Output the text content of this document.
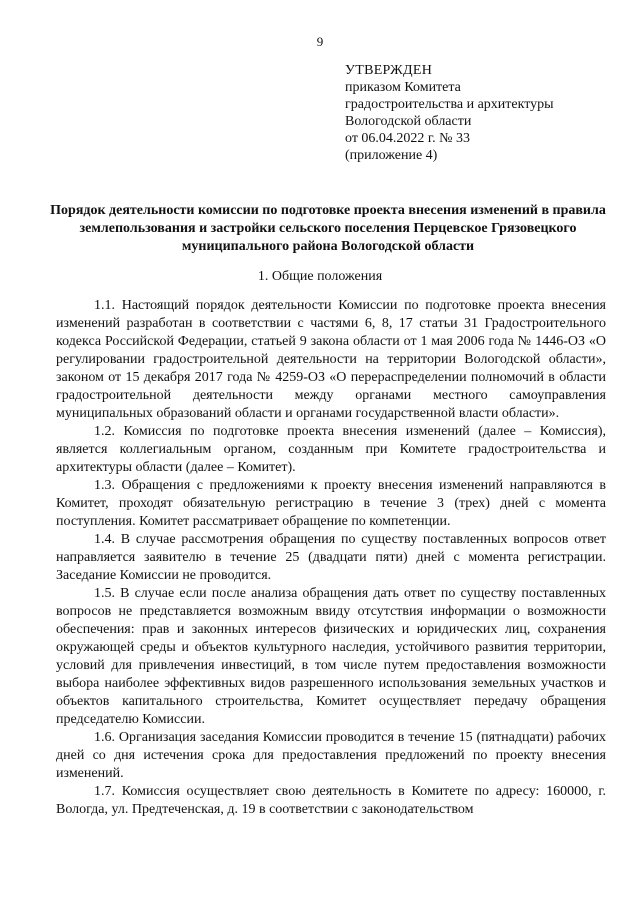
9
УТВЕРЖДЕН
приказом Комитета
градостроительства и архитектуры
Вологодской области
от 06.04.2022 г. № 33
(приложение 4)
Порядок деятельности комиссии по подготовке проекта внесения изменений в правила землепользования и застройки сельского поселения Перцевское Грязовецкого муниципального района Вологодской области
1. Общие положения

1.1. Настоящий порядок деятельности Комиссии по подготовке проекта внесения изменений разработан в соответствии с частями 6, 8, 17 статьи 31 Градостроительного кодекса Российской Федерации, статьей 9 закона области от 1 мая 2006 года № 1446-ОЗ «О регулировании градостроительной деятельности на территории Вологодской области», законом от 15 декабря 2017 года № 4259-ОЗ «О перераспределении полномочий в области градостроительной деятельности между органами местного самоуправления муниципальных образований области и органами государственной власти области».

1.2. Комиссия по подготовке проекта внесения изменений (далее – Комиссия), является коллегиальным органом, созданным при Комитете градостроительства и архитектуры области (далее – Комитет).

1.3. Обращения с предложениями к проекту внесения изменений направляются в Комитет, проходят обязательную регистрацию в течение 3 (трех) дней с момента поступления. Комитет рассматривает обращение по компетенции.

1.4. В случае рассмотрения обращения по существу поставленных вопросов ответ направляется заявителю в течение 25 (двадцати пяти) дней с момента регистрации. Заседание Комиссии не проводится.

1.5. В случае если после анализа обращения дать ответ по существу поставленных вопросов не представляется возможным ввиду отсутствия информации о возможности обеспечения: прав и законных интересов физических и юридических лиц, сохранения окружающей среды и объектов культурного наследия, устойчивого развития территории, условий для привлечения инвестиций, в том числе путем предоставления возможности выбора наиболее эффективных видов разрешенного использования земельных участков и объектов капитального строительства, Комитет осуществляет передачу обращения председателю Комиссии.

1.6. Организация заседания Комиссии проводится в течение 15 (пятнадцати) рабочих дней со дня истечения срока для предоставления предложений по проекту внесения изменений.

1.7. Комиссия осуществляет свою деятельность в Комитете по адресу: 160000, г. Вологда, ул. Предтеченская, д. 19 в соответствии с законодательством
